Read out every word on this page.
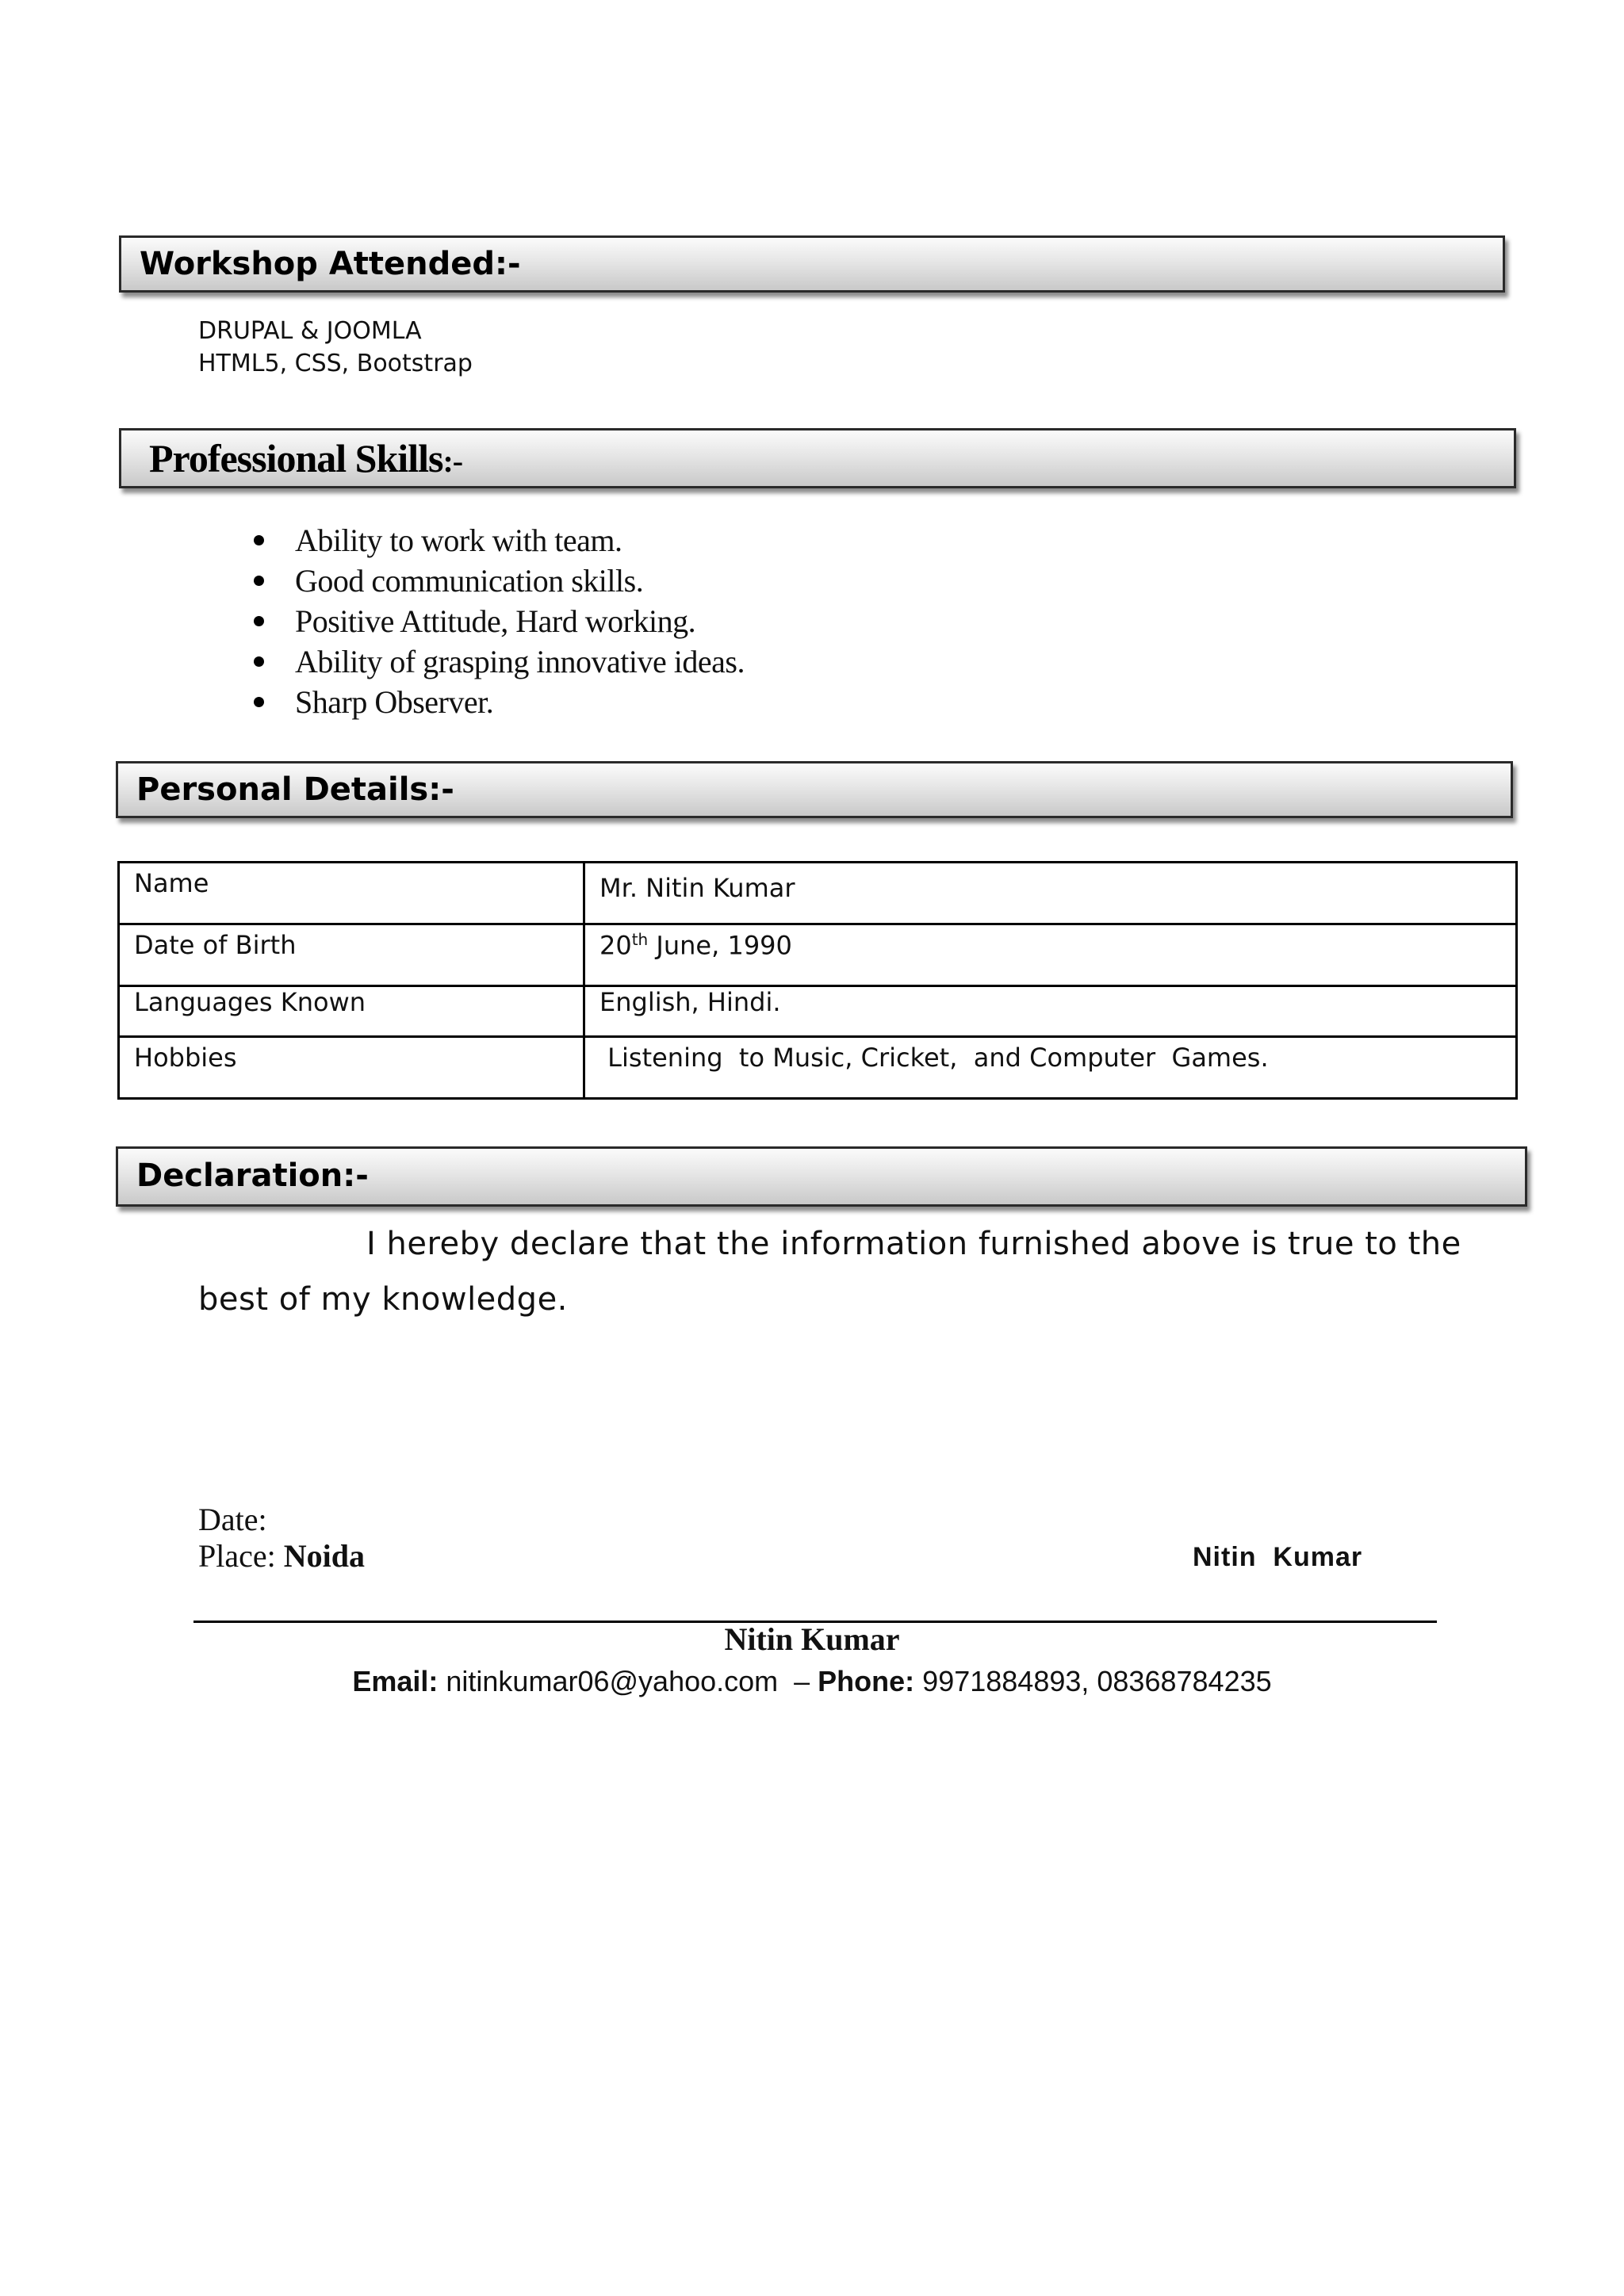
Workshop Attended:-
DRUPAL & JOOMLA
HTML5, CSS, Bootstrap
Professional Skills:-
Ability to work with team.
Good communication skills.
Positive Attitude, Hard working.
Ability of grasping innovative ideas.
Sharp Observer.
Personal Details:-
Name	Mr. Nitin Kumar
Date of Birth	20th June, 1990
Languages Known	English, Hindi.
Hobbies	Listening  to Music, Cricket,  and Computer  Games.
Declaration:-
I hereby declare that the information furnished above is true to the
best of my knowledge.
Date:
Place: Noida	Nitin  Kumar
Nitin Kumar
Email: nitinkumar06@yahoo.com  – Phone: 9971884893, 08368784235
